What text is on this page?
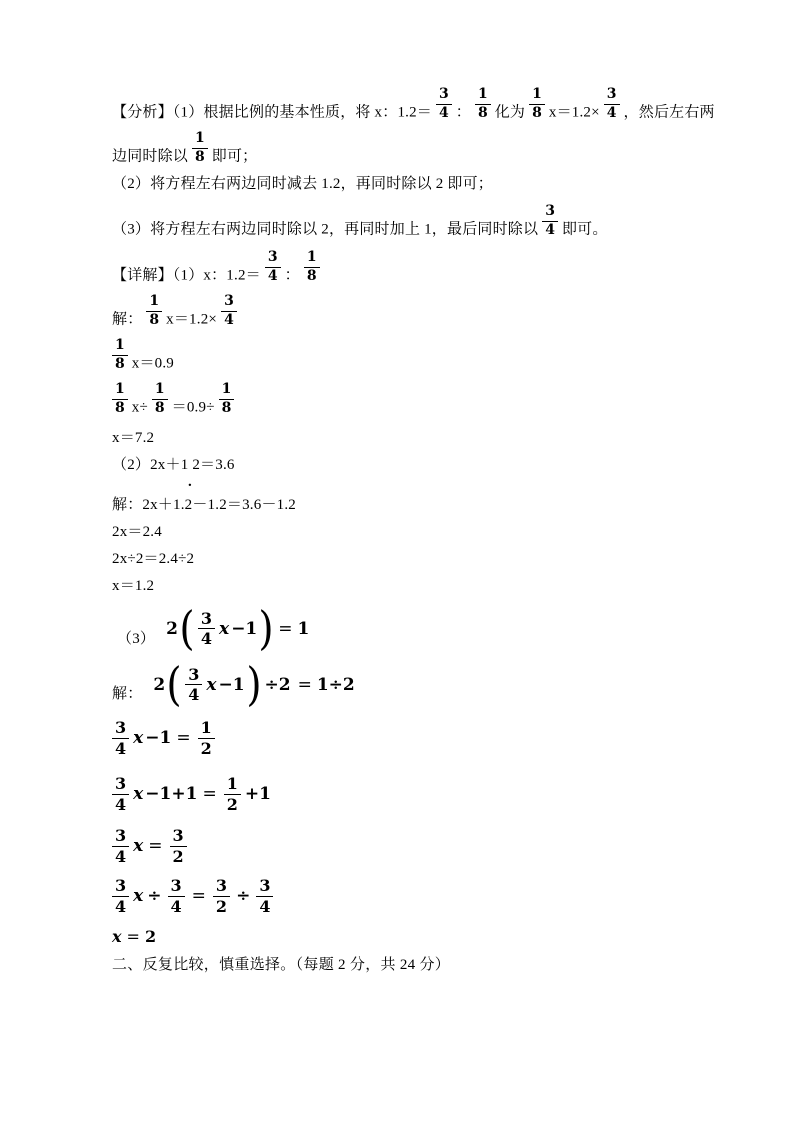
【分析】（1）根据比例的基本性质，将 x：$1.2= \frac{3}{4}$ ： $\frac{1}{8}$ 化为 $\frac{1}{8} x=1.2\times \frac{3}{4}$ ，然后左右两
边同时除以 $\frac{1}{8}$ 即可；
（2）将方程左右两边同时减去 1.2，再同时除以 2 即可；
（3）将方程左右两边同时除以 2，再同时加上 1，最后同时除以 $\frac{3}{4}$ 即可。
【详解】（1）x：$1.2= \frac{3}{4}$ ： $\frac{1}{8}$
解： $\frac{1}{8} x=1.2\times \frac{3}{4}$
$\frac{1}{8} x=0.9$
$\frac{1}{8} x\div \frac{1}{8} =0.9\div \frac{1}{8}$
x＝7.2
（2）2x＋1 2＝3.6
.
解：2x＋1.2－1.2＝3.6－1.2
2x＝2.4
2x÷2＝2.4÷2
x＝1.2
（3） 2 ( $\frac{3}{4}$ x −1 ) = 1
解： 2 ( $\frac{3}{4}$ x −1 ) ÷2 = 1÷2
$\frac{3}{4}$ $x -1 = \frac{1}{2}$
$\frac{3}{4}$ $x -1+1 = \frac{1}{2} +1$
$\frac{3}{4}$ $x = \frac{3}{2}$
$\frac{3}{4}$ $x \div \frac{3}{4} = \frac{3}{2} \div \frac{3}{4}$
x = 2
二、反复比较，慎重选择。（每题 2 分，共 24 分）
